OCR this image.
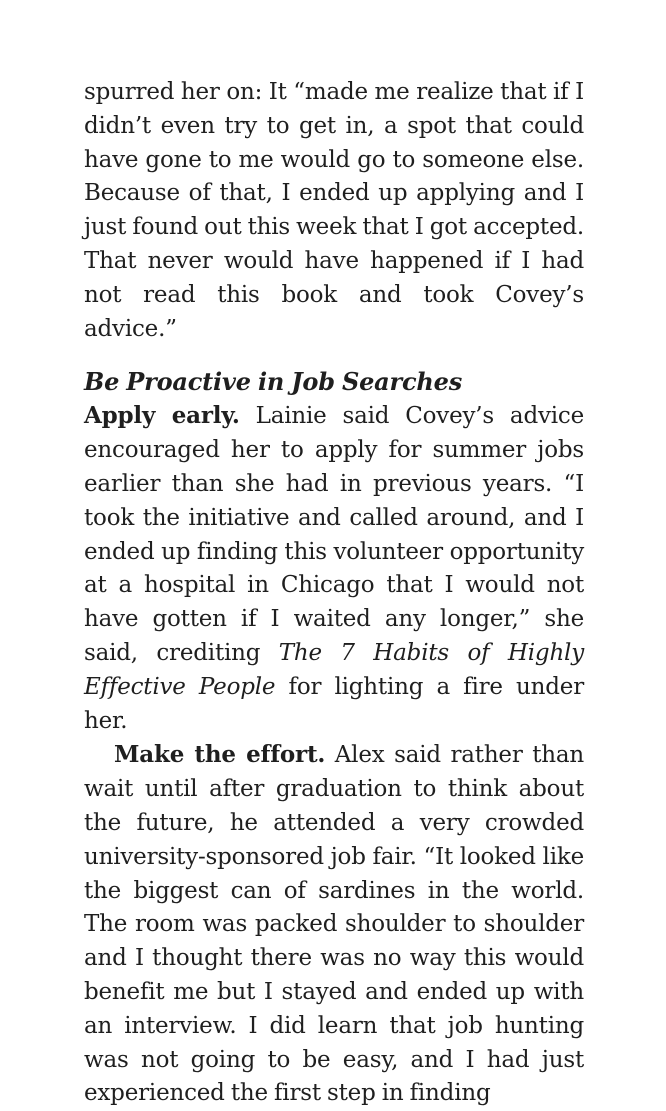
spurred her on: It “made me realize that if I didn’t even try to get in, a spot that could have gone to me would go to someone else. Because of that, I ended up applying and I just found out this week that I got accepted. That never would have happened if I had not read this book and took Covey’s advice.”

Be Proactive in Job Searches

Apply early. Lainie said Covey’s advice encouraged her to apply for summer jobs earlier than she had in previous years. “I took the initiative and called around, and I ended up finding this volunteer opportunity at a hospital in Chicago that I would not have gotten if I waited any longer,” she said, crediting The 7 Habits of Highly Effective People for lighting a fire under her.

Make the effort. Alex said rather than wait until after graduation to think about the future, he attended a very crowded university-sponsored job fair. “It looked like the biggest can of sardines in the world. The room was packed shoulder to shoulder and I thought there was no way this would benefit me but I stayed and ended up with an interview. I did learn that job hunting was not going to be easy, and I had just experienced the first step in finding
